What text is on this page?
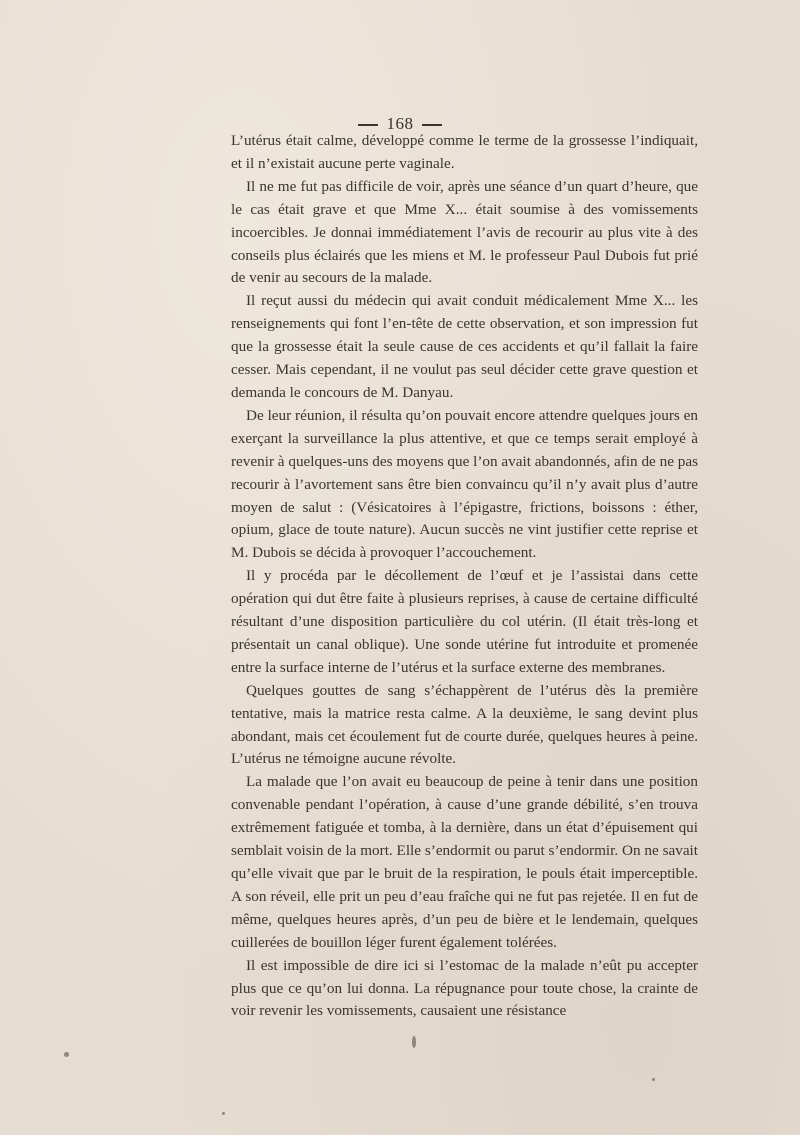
168

L’utérus était calme, développé comme le terme de la grossesse l’indiquait, et il n’existait aucune perte vaginale.

Il ne me fut pas difficile de voir, après une séance d’un quart d’heure, que le cas était grave et que Mme X... était soumise à des vomissements incoercibles. Je donnai immédiatement l’avis de recourir au plus vite à des conseils plus éclairés que les miens et M. le professeur Paul Dubois fut prié de venir au secours de la malade.

Il reçut aussi du médecin qui avait conduit médicalement Mme X... les renseignements qui font l’en-tête de cette observation, et son impression fut que la grossesse était la seule cause de ces accidents et qu’il fallait la faire cesser. Mais cependant, il ne voulut pas seul décider cette grave question et demanda le concours de M. Danyau.

De leur réunion, il résulta qu’on pouvait encore attendre quelques jours en exerçant la surveillance la plus attentive, et que ce temps serait employé à revenir à quelques-uns des moyens que l’on avait abandonnés, afin de ne pas recourir à l’avortement sans être bien convaincu qu’il n’y avait plus d’autre moyen de salut : (Vésicatoires à l’épigastre, frictions, boissons : éther, opium, glace de toute nature). Aucun succès ne vint justifier cette reprise et M. Dubois se décida à provoquer l’accouchement.

Il y procéda par le décollement de l’œuf et je l’assistai dans cette opération qui dut être faite à plusieurs reprises, à cause de certaine difficulté résultant d’une disposition particulière du col utérin. (Il était très-long et présentait un canal oblique). Une sonde utérine fut introduite et promenée entre la surface interne de l’utérus et la surface externe des membranes.

Quelques gouttes de sang s’échappèrent de l’utérus dès la première tentative, mais la matrice resta calme. A la deuxième, le sang devint plus abondant, mais cet écoulement fut de courte durée, quelques heures à peine. L’utérus ne témoigne aucune révolte.

La malade que l’on avait eu beaucoup de peine à tenir dans une position convenable pendant l’opération, à cause d’une grande débilité, s’en trouva extrêmement fatiguée et tomba, à la dernière, dans un état d’épuisement qui semblait voisin de la mort. Elle s’endormit ou parut s’endormir. On ne savait qu’elle vivait que par le bruit de la respiration, le pouls était imperceptible. A son réveil, elle prit un peu d’eau fraîche qui ne fut pas rejetée. Il en fut de même, quelques heures après, d’un peu de bière et le lendemain, quelques cuillerées de bouillon léger furent également tolérées.

Il est impossible de dire ici si l’estomac de la malade n’eût pu accepter plus que ce qu’on lui donna. La répugnance pour toute chose, la crainte de voir revenir les vomissements, causaient une résistance
